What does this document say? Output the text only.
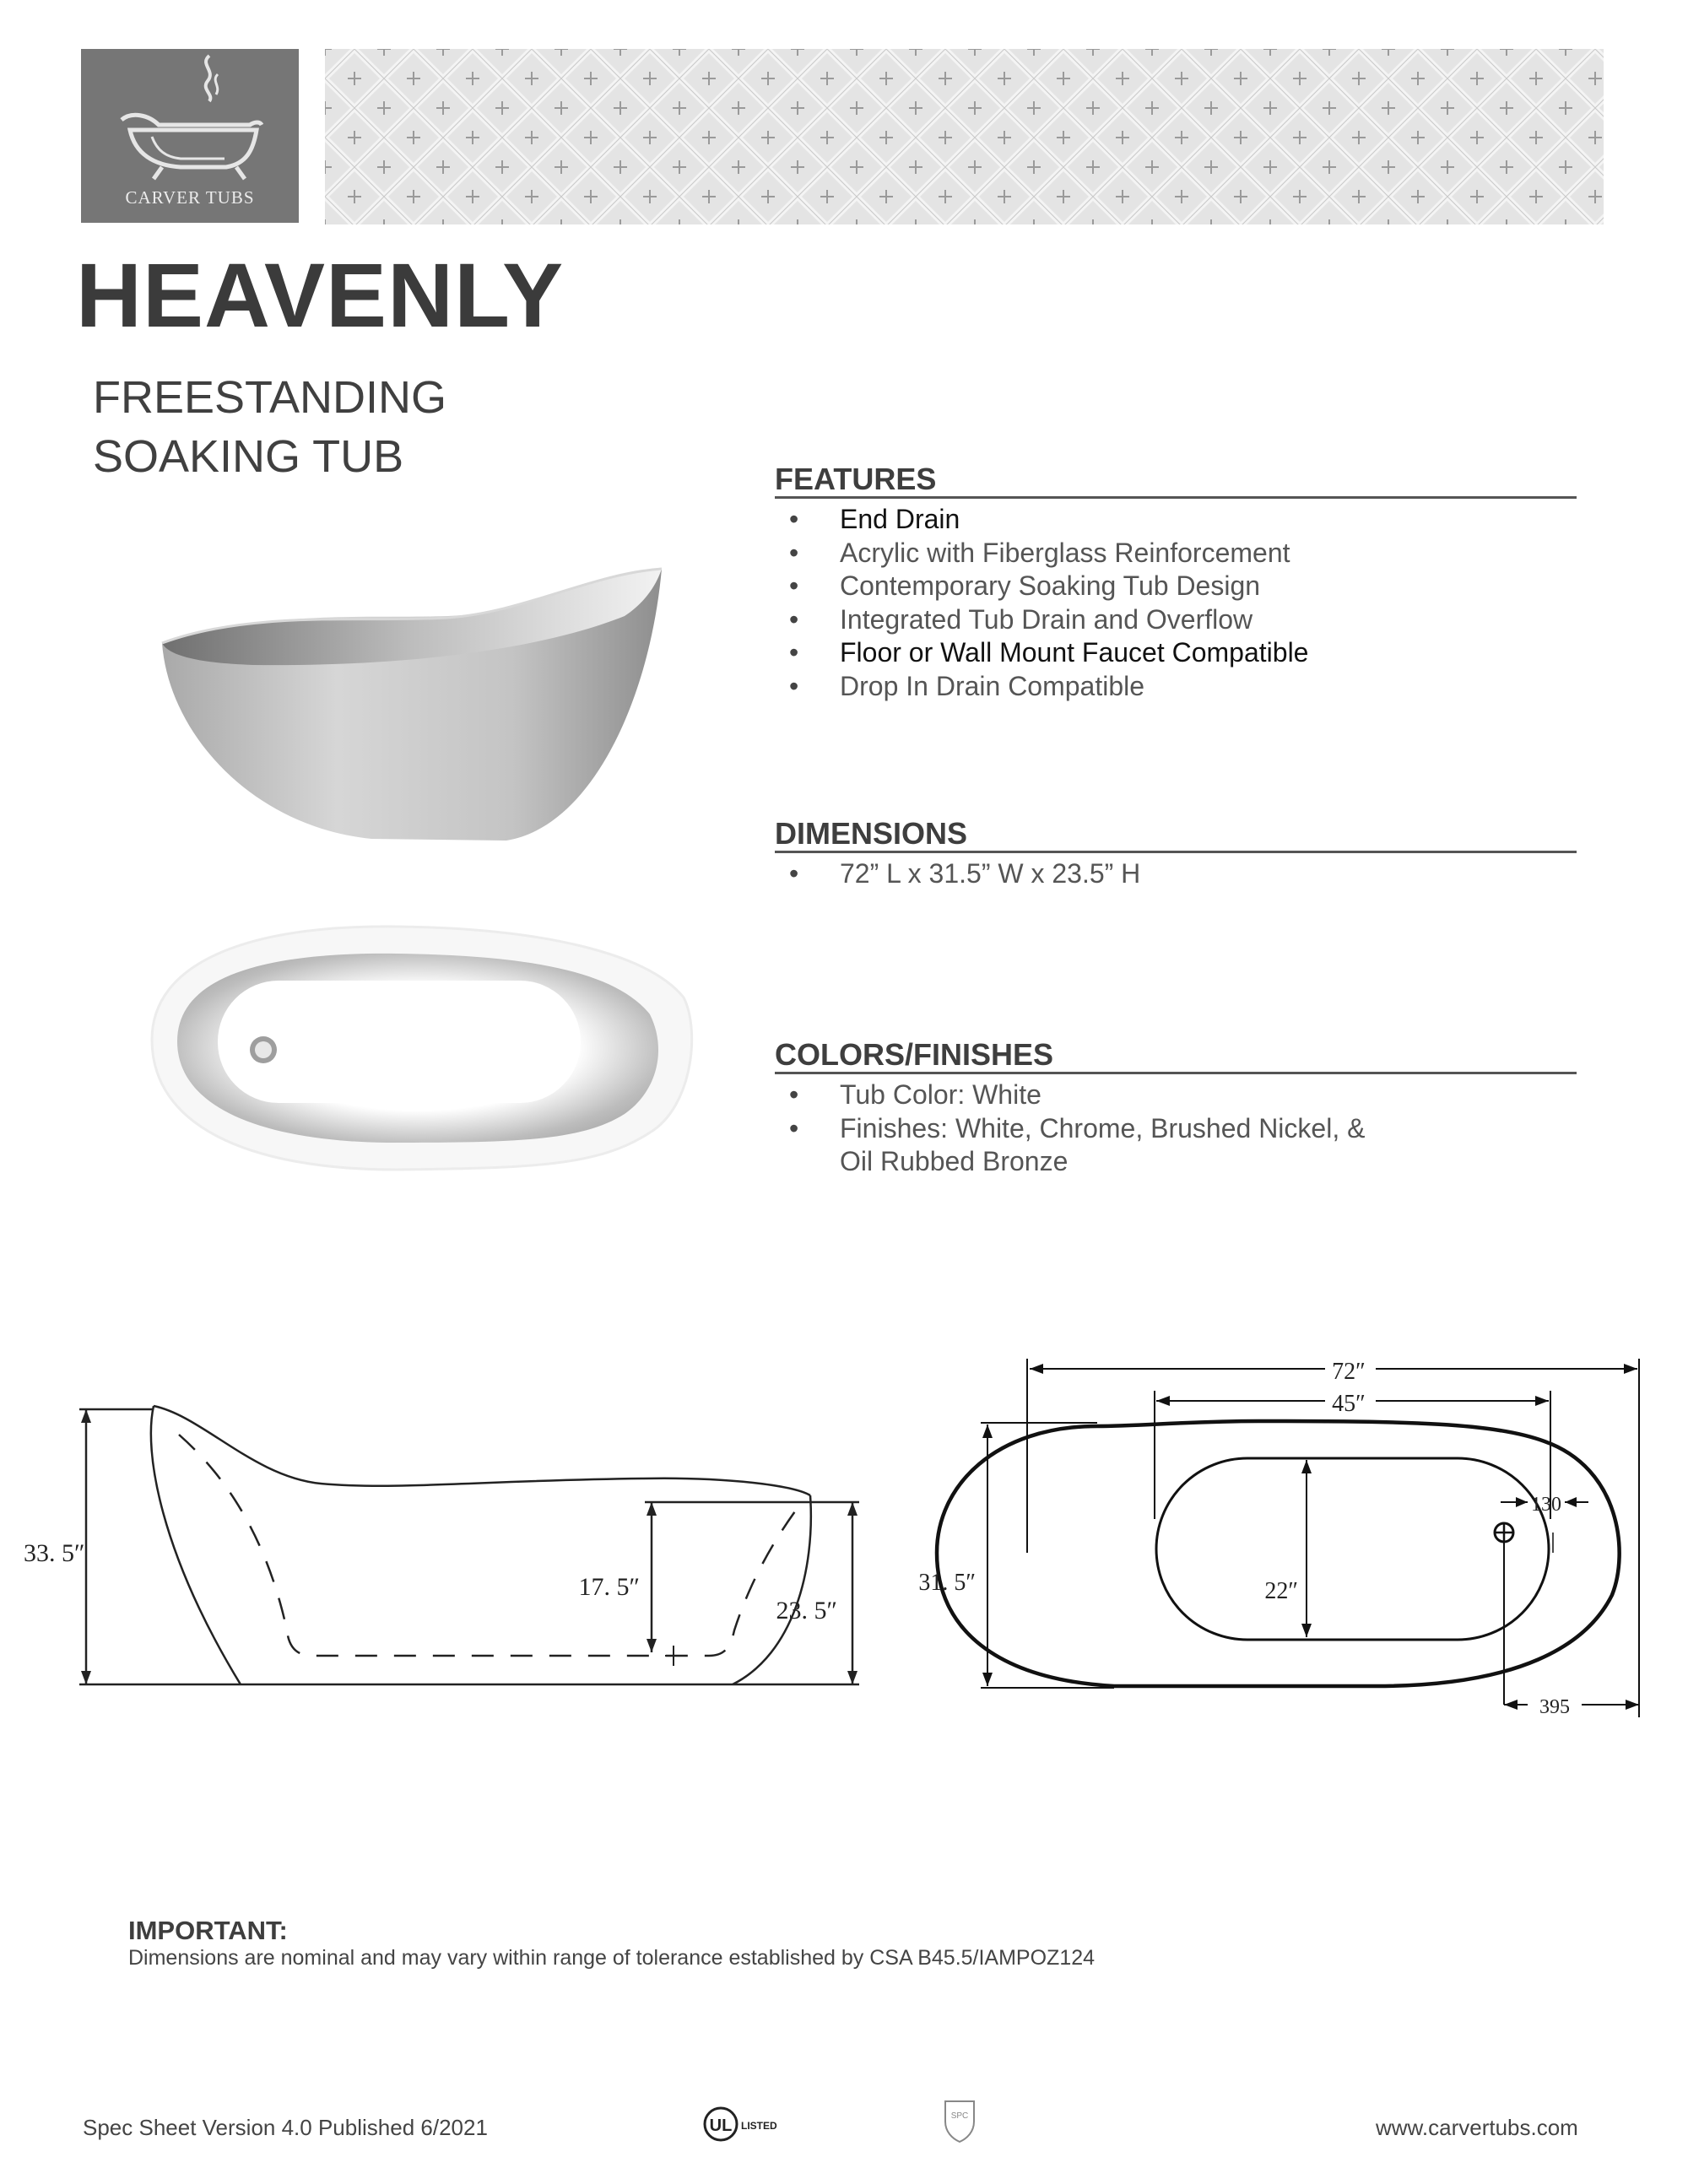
CARVER TUBS
HEAVENLY
FREESTANDING
SOAKING TUB	FEATURES
• End Drain
• Acrylic with Fiberglass Reinforcement
• Contemporary Soaking Tub Design
• Integrated Tub Drain and Overflow
• Floor or Wall Mount Faucet Compatible
• Drop In Drain Compatible
DIMENSIONS
• 72” L x 31.5” W x 23.5” H
COLORS/FINISHES
• Tub Color: White
• Finishes: White, Chrome, Brushed Nickel, &
Oil Rubbed Bronze
33. 5″
17. 5″
23. 5″
72″
45″
31. 5″	22″
130
395
IMPORTANT:
Dimensions are nominal and may vary within range of tolerance established by CSA B45.5/IAMPOZ124
Spec Sheet Version 4.0 Published 6/2021	UL LISTED
SPC	www.carvertubs.com
